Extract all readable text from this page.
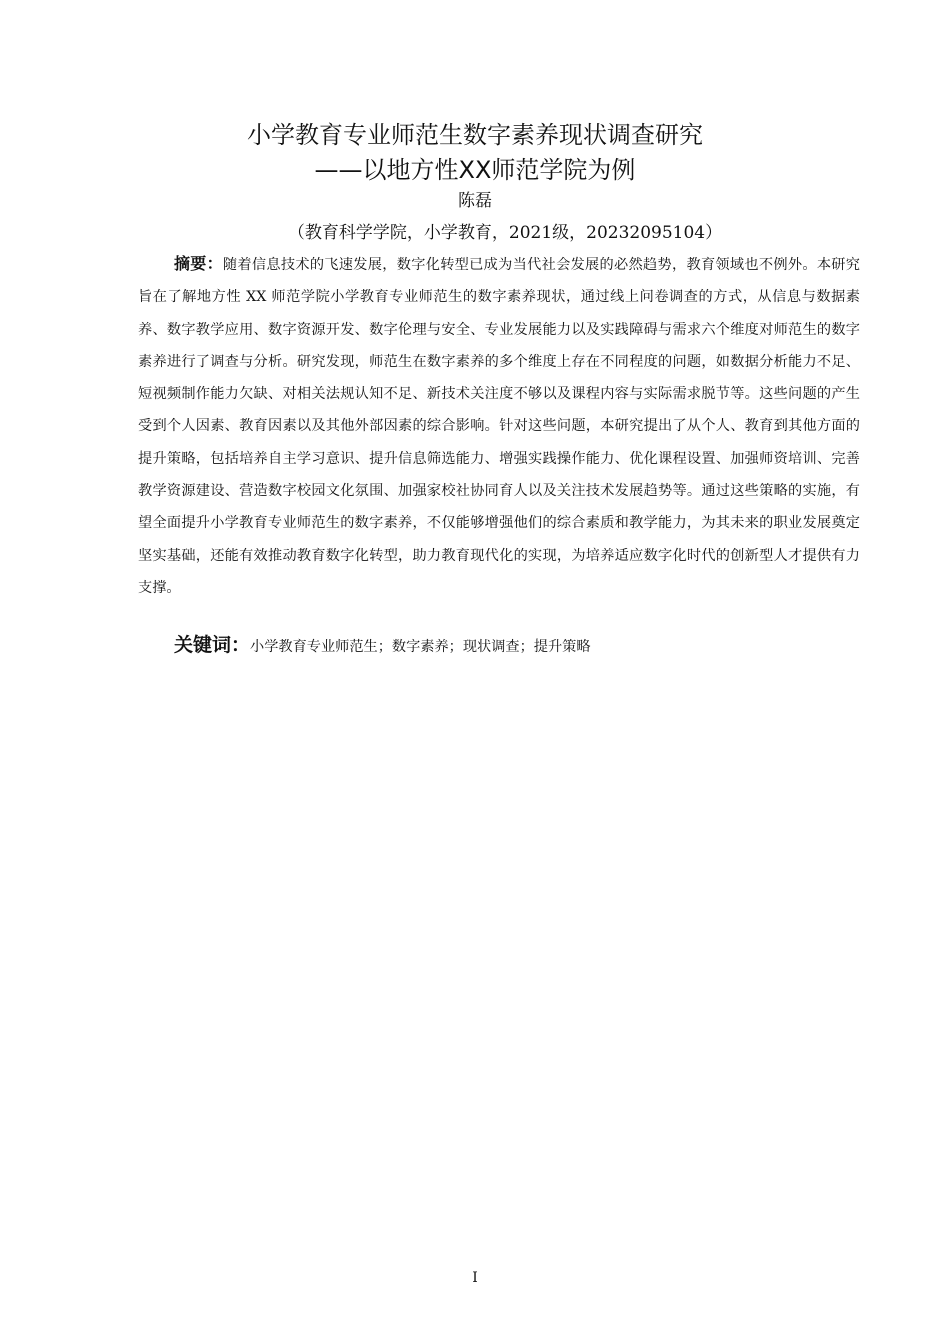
小学教育专业师范生数字素养现状调查研究
——以地方性XX师范学院为例
陈磊
（教育科学学院，小学教育，2021级，20232095104）

摘要：随着信息技术的飞速发展，数字化转型已成为当代社会发展的必然趋势，教育领域也不例外。本研究旨在了解地方性 XX 师范学院小学教育专业师范生的数字素养现状，通过线上问卷调查的方式，从信息与数据素养、数字教学应用、数字资源开发、数字伦理与安全、专业发展能力以及实践障碍与需求六个维度对师范生的数字素养进行了调查与分析。研究发现，师范生在数字素养的多个维度上存在不同程度的问题，如数据分析能力不足、短视频制作能力欠缺、对相关法规认知不足、新技术关注度不够以及课程内容与实际需求脱节等。这些问题的产生受到个人因素、教育因素以及其他外部因素的综合影响。针对这些问题，本研究提出了从个人、教育到其他方面的提升策略，包括培养自主学习意识、提升信息筛选能力、增强实践操作能力、优化课程设置、加强师资培训、完善教学资源建设、营造数字校园文化氛围、加强家校社协同育人以及关注技术发展趋势等。通过这些策略的实施，有望全面提升小学教育专业师范生的数字素养，不仅能够增强他们的综合素质和教学能力，为其未来的职业发展奠定坚实基础，还能有效推动教育数字化转型，助力教育现代化的实现，为培养适应数字化时代的创新型人才提供有力支撑。

关键词：小学教育专业师范生；数字素养；现状调查；提升策略
I
